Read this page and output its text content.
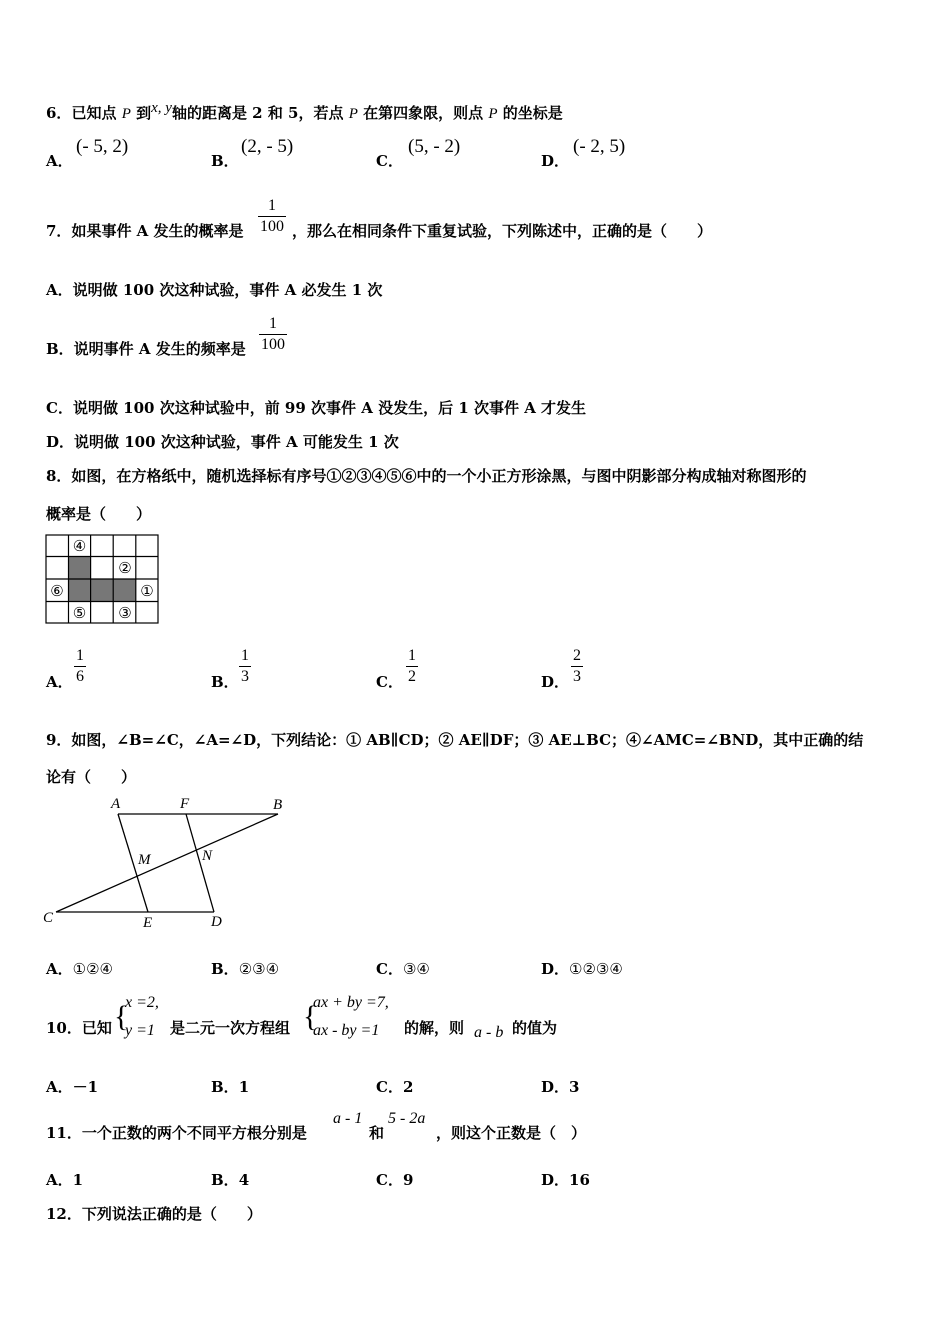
6．已知点 P 到x, y轴的距离是 2 和 5，若点 P 在第四象限，则点 P 的坐标是
A．
(- 5, 2)
B．
(2, - 5)
C．
(5, - 2)
D．
(- 2, 5)
7．如果事件 A 发生的概率是
1
100 ，那么在相同条件下重复试验，下列陈述中，正确的是（　　）
A．说明做 100 次这种试验，事件 A 必发生 1 次
B．说明事件 A 发生的频率是
1
100
C．说明做 100 次这种试验中，前 99 次事件 A 没发生，后 1 次事件 A 才发生
D．说明做 100 次这种试验，事件 A 可能发生 1 次
8．如图，在方格纸中，随机选择标有序号①②③④⑤⑥中的一个小正方形涂黑，与图中阴影部分构成轴对称图形的
概率是（　　）
④
②
⑥	①
⑤ ③
A．
1
6	B．
1
3	C．
1
2	D．
2
3
9．如图，∠B=∠C，∠A=∠D，下列结论：① AB∥CD；② AE∥DF；③ AE⊥BC；④∠AMC=∠BND，其中正确的结
论有（　　）
A	F	B
M	N
C	E	D
A．①②④	B．②③④	C．③④	D．①②③④
10．已知 {
x =2,
y =1 是二元一次方程组 {
ax + by =7,
ax - by =1 的解，则 a - b 的值为
A．－1	B．1	C．2	D．3
11．一个正数的两个不同平方根分别是
a - 1
和
5 - 2a
，则这个正数是（　）
A．1	B．4	C．9	D．16
12．下列说法正确的是（　　）
